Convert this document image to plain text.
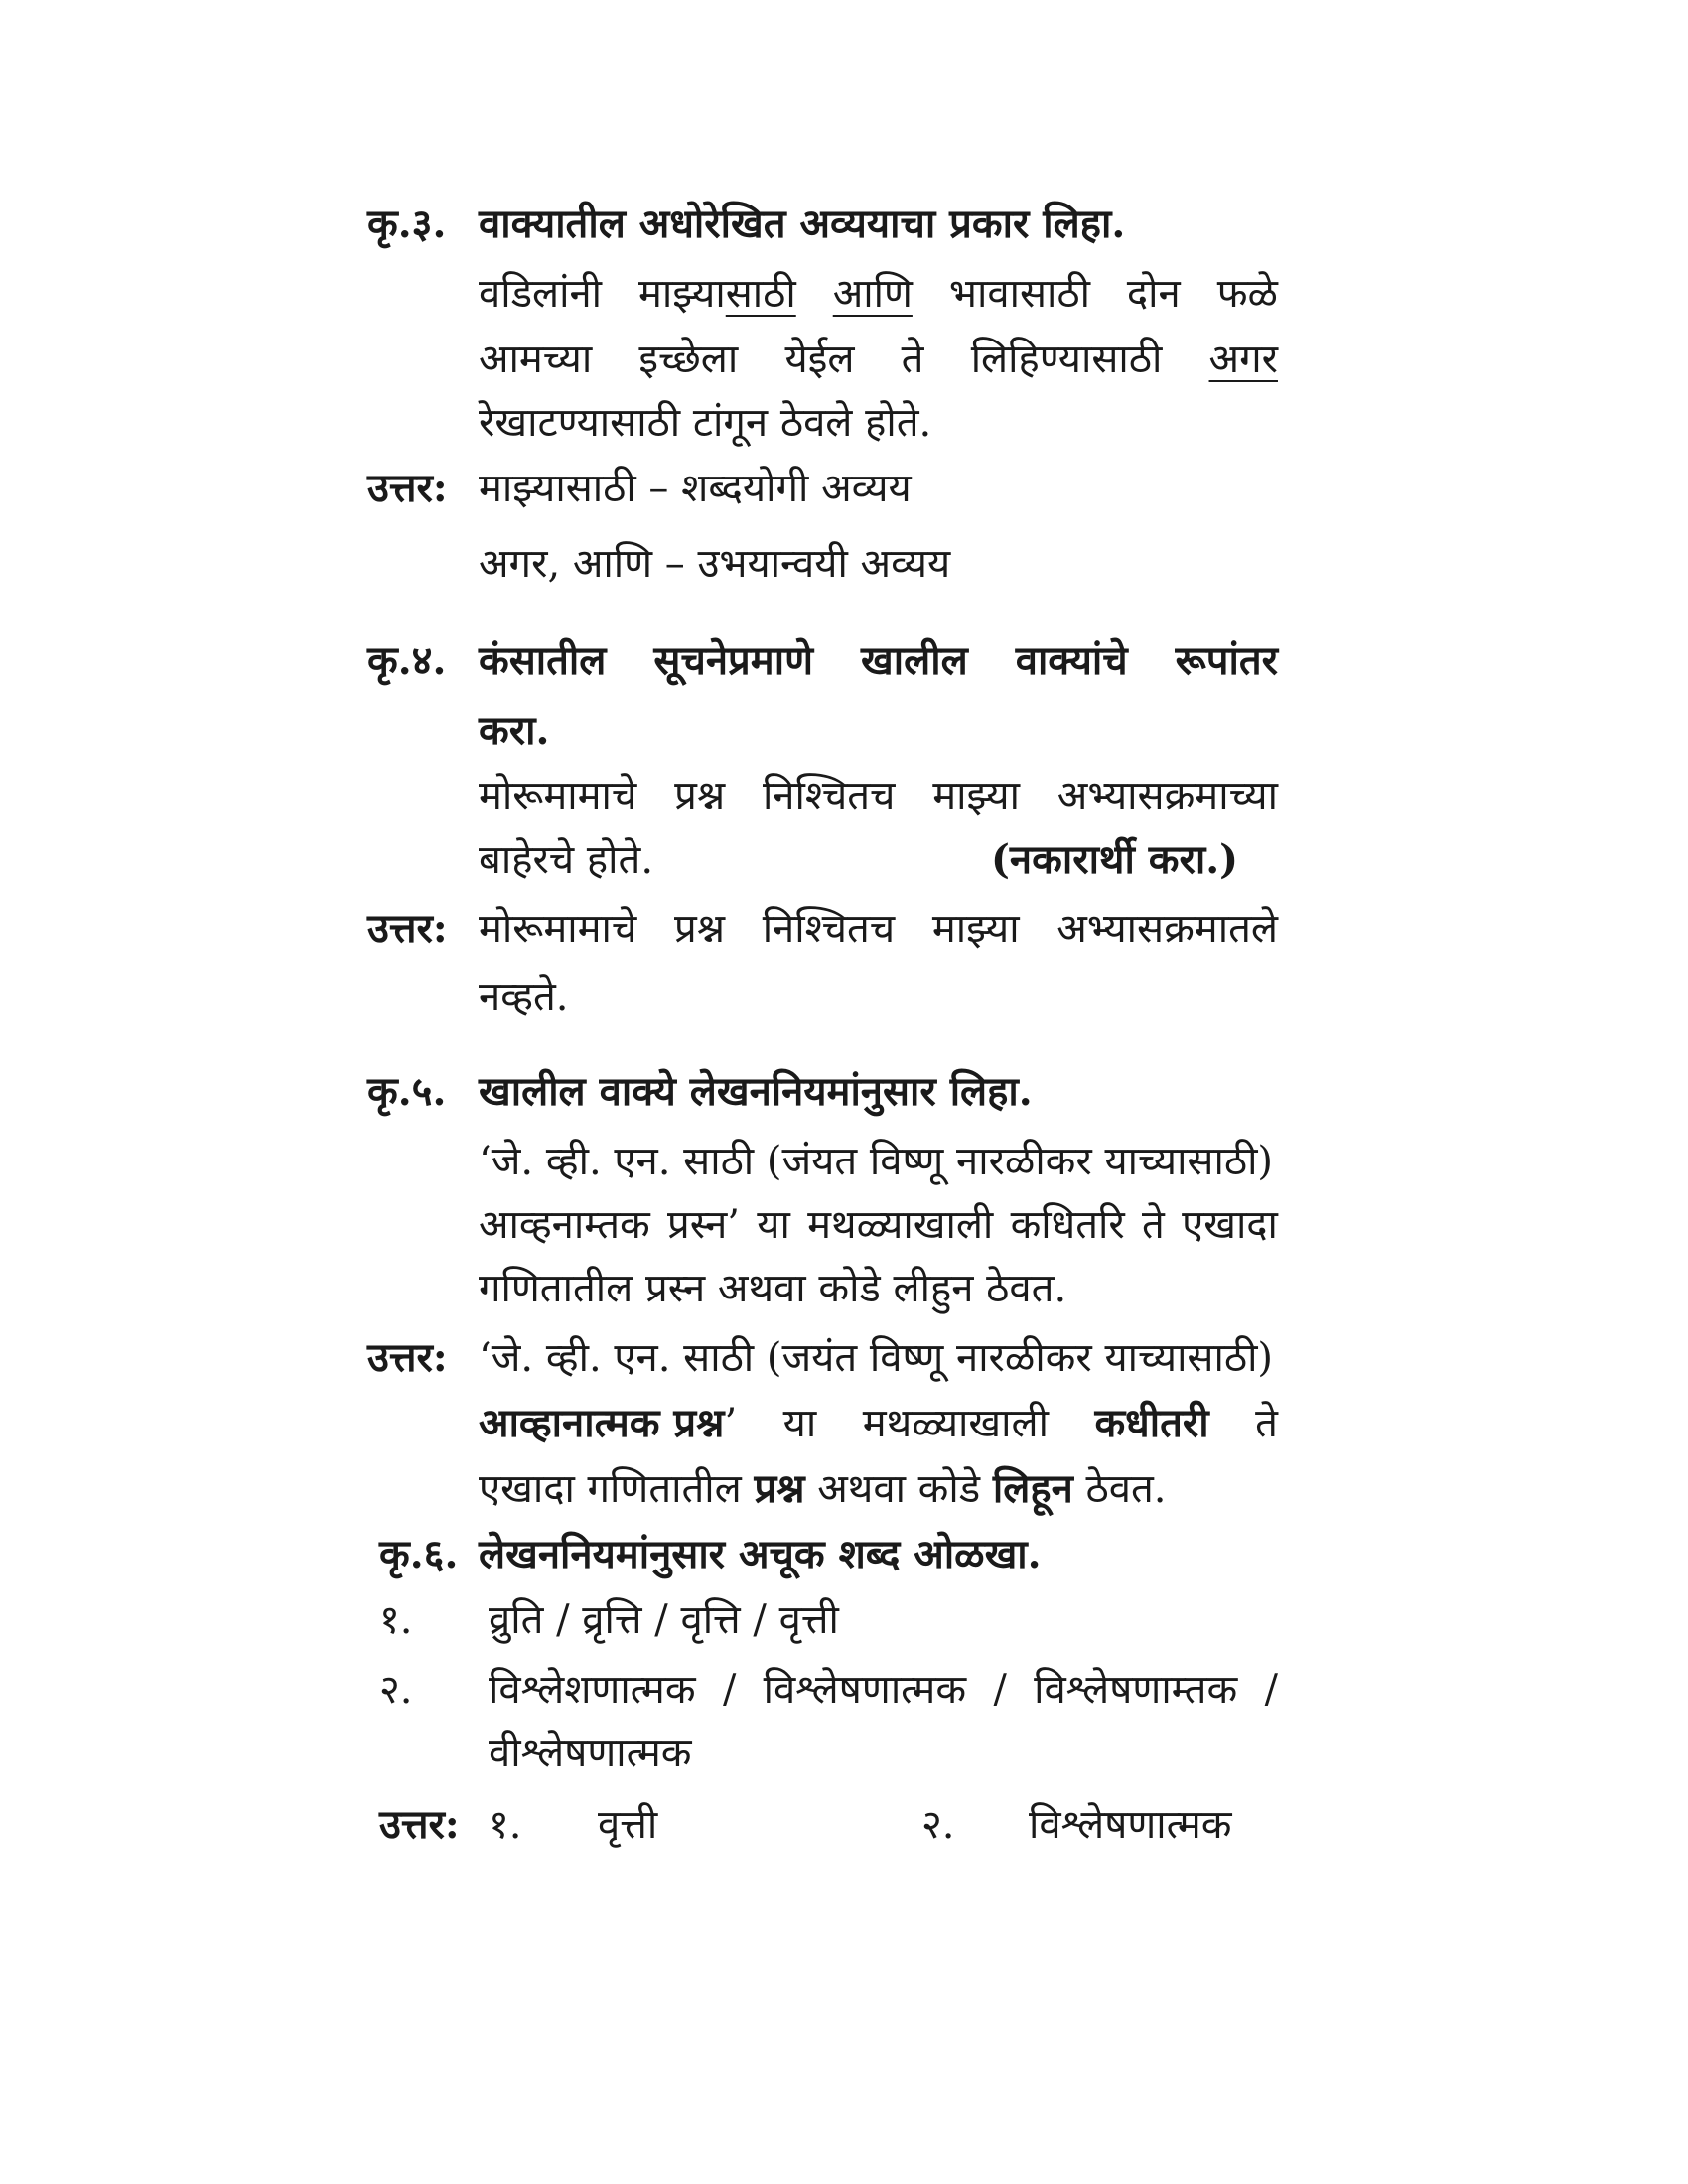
कृ.३. वाक्यातील अधोरेखित अव्ययाचा प्रकार लिहा.
वडिलांनी माझ्यासाठी आणि भावासाठी दोन फळे
आमच्या इच्छेला येईल ते लिहिण्यासाठी अगर
रेखाटण्यासाठी टांगून ठेवले होते.
उत्तर: माझ्यासाठी – शब्दयोगी अव्यय
अगर, आणि – उभयान्वयी अव्यय
कृ.४. कंसातील सूचनेप्रमाणे खालील वाक्यांचे रूपांतर
करा.
मोरूमामाचे प्रश्न निश्चितच माझ्या अभ्यासक्रमाच्या
बाहेरचे होते.	(नकारार्थी करा.)
उत्तर: मोरूमामाचे प्रश्न निश्चितच माझ्या अभ्यासक्रमातले
नव्हते.
कृ.५. खालील वाक्ये लेखननियमांनुसार लिहा.
‘जे. व्ही. एन. साठी (जंयत विष्णू नारळीकर याच्यासाठी)
आव्हनाम्तक प्रस्न’ या मथळ्याखाली कधितरि ते एखादा
गणितातील प्रस्न अथवा कोडे लीहुन ठेवत.
उत्तर: ‘जे. व्ही. एन. साठी (जयंत विष्णू नारळीकर याच्यासाठी)
आव्हानात्मक प्रश्न’ या मथळ्याखाली कधीतरी ते
एखादा गणितातील प्रश्न अथवा कोडे लिहून ठेवत.
कृ.६. लेखननियमांनुसार अचूक शब्द ओळखा.
१. व्रुति / व्रृत्ति / वृत्ति / वृत्ती
२. विश्लेशणात्मक / विश्लेषणात्मक / विश्लेषणाम्तक /
वीश्लेषणात्मक
उत्तर: १. वृत्ती	२. विश्लेषणात्मक
